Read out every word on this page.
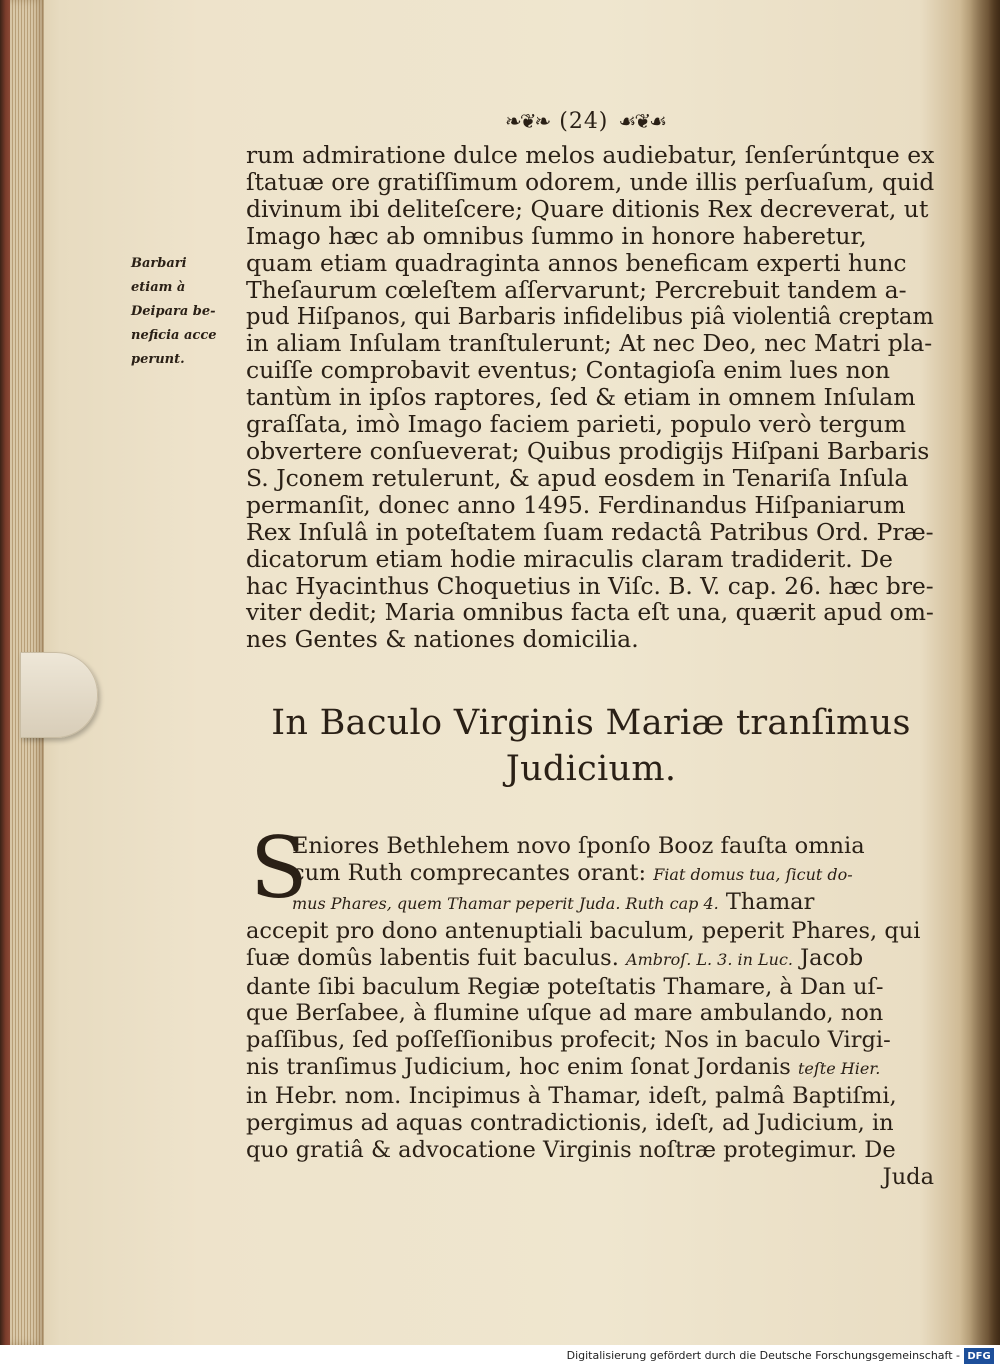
❧❦❧ (24) ☙❦☙
Barbari
etiam à
Deipara be-
neficia acce
perunt.
rum admiratione dulce melos audiebatur, ſenſerúntque ex
ſtatuæ ore gratiſſimum odorem, unde illis perſuaſum, quid
divinum ibi deliteſcere; Quare ditionis Rex decreverat, ut
Imago hæc ab omnibus ſummo in honore haberetur,
quam etiam quadraginta annos beneficam experti hunc
Theſaurum cœleſtem aſſervarunt; Percrebuit tandem a-
pud Hiſpanos, qui Barbaris infidelibus piâ violentiâ creptam
in aliam Inſulam tranſtulerunt; At nec Deo, nec Matri pla-
cuiſſe comprobavit eventus; Contagioſa enim lues non
tantùm in ipſos raptores, ſed & etiam in omnem Inſulam
graſſata, imò Imago faciem parieti, populo verò tergum
obvertere conſueverat; Quibus prodigijs Hiſpani Barbaris
S. Jconem retulerunt, & apud eosdem in Tenariſa Inſula
permanſit, donec anno 1495. Ferdinandus Hiſpaniarum
Rex Inſulâ in poteſtatem ſuam redactâ Patribus Ord. Præ-
dicatorum etiam hodie miraculis claram tradiderit. De
hac Hyacinthus Choquetius in Viſc. B. V. cap. 26. hæc bre-
viter dedit; Maria omnibus facta eſt una, quærit apud om-
nes Gentes & nationes domicilia.
In Baculo Virginis Mariæ tranſimus
Judicium.
S
Eniores Bethlehem novo ſponſo Booz fauſta omnia
cum Ruth comprecantes orant: Fiat domus tua, ſicut do-
mus Phares, quem Thamar peperit Juda. Ruth cap 4. Thamar
accepit pro dono antenuptiali baculum, peperit Phares, qui
ſuæ domûs labentis fuit baculus. Ambroſ. L. 3. in Luc. Jacob
dante ſibi baculum Regiæ poteſtatis Thamare, à Dan uſ-
que Berſabee, à flumine uſque ad mare ambulando, non
paſſibus, ſed poſſeſſionibus profecit; Nos in baculo Virgi-
nis tranſimus Judicium, hoc enim ſonat Jordanis teſte Hier.
in Hebr. nom. Incipimus à Thamar, ideſt, palmâ Baptiſmi,
pergimus ad aquas contradictionis, ideſt, ad Judicium, in
quo gratiâ & advocatione Virginis noſtræ protegimur. De
Juda
Digitalisierung gefördert durch die Deutsche Forschungsgemeinschaft - DFG
